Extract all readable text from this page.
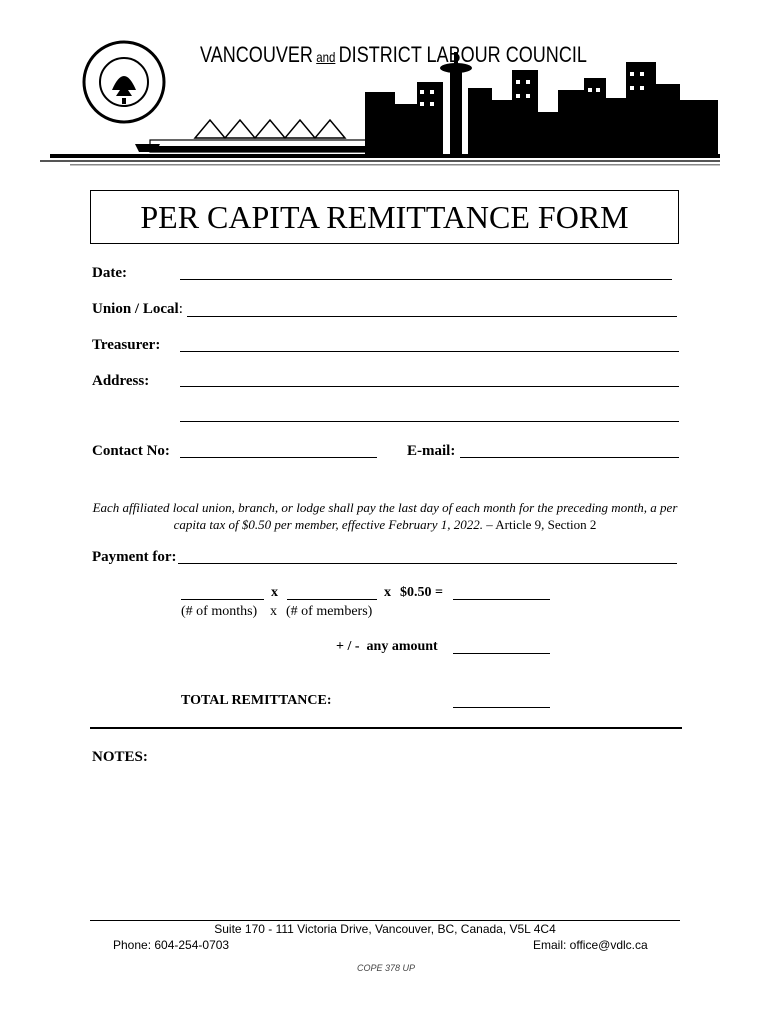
VANCOUVER and DISTRICT LABOUR COUNCIL
PER CAPITA REMITTANCE FORM
Date:
Union / Local:
Treasurer:
Address:
Contact No:	E-mail:
Each affiliated local union, branch, or lodge shall pay the last day of each month for the preceding month, a per capita tax of $0.50 per member, effective February 1, 2022. – Article 9, Section 2
Payment for:
x	x $0.50 =
(# of months) x (# of members)
+ / -  any amount
TOTAL REMITTANCE:
NOTES:
Suite 170 - 111 Victoria Drive, Vancouver, BC, Canada, V5L 4C4
Phone: 604-254-0703	Email: office@vdlc.ca
COPE 378 UP
